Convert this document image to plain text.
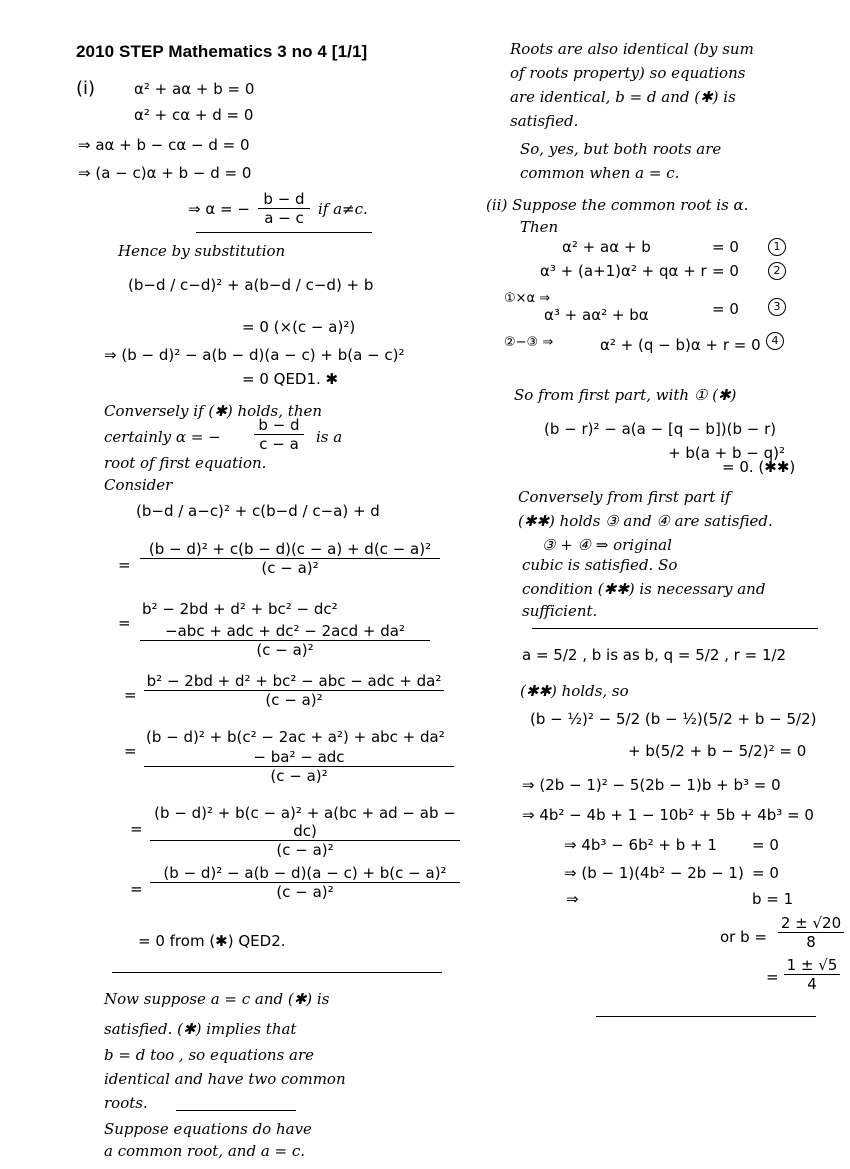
2010 STEP Mathematics 3 no 4 [1/1]
(i)	α² + aα + b = 0
α² + cα + d = 0
⇒ aα + b − cα − d = 0
⇒ (a − c)α + b − d = 0
⇒ α = − $\frac{b - d}{a - c}$ if a≠c.
Hence by substitution
(b−d / c−d)² + a(b−d / c−d) + b
= 0 (×(c − a)²)
⇒ (b − d)² − a(b − d)(a − c) + b(a − c)²
= 0 QED1. ✱
Conversely if (✱) holds, then
certainly α = − $\frac{b - d}{c - a}$ is a
root of first equation.
Consider
(b−d / a−c)² + c(b−d / c−a) + d
= $\frac{\text{(b − d)² + c(b − d)(c − a) + d(c − a)²}}{\text{(c − a)²}}$
=
b² − 2bd + d² + bc² − dc²
−abc + adc + dc² − 2acd + da²
(c − a)²
=
b² − 2bd + d² + bc² − abc − adc + da²
(c − a)²
=
(b − d)² + b(c² − 2ac + a²) + abc + da²
− ba² − adc
(c − a)²
= $\frac{\text{(b − d)² + b(c − a)² + a(bc + ad − ab − dc)}}{\text{(c − a)²}}$
= $\frac{\text{(b − d)² − a(b − d)(a − c) + b(c − a)²}}{\text{(c − a)²}}$
= 0 from (✱) QED2.
Now suppose a = c and (✱) is
satisfied. (✱) implies that
b = d too , so equations are
identical and have two common
roots.
Suppose equations do have
a common root, and a = c.
Roots are also identical (by sum
of roots property) so equations
are identical, b = d and (✱) is
satisfied.
So, yes, but both roots are
common when a = c.
(ii) Suppose the common root is α.
Then
α² + aα + b	= 0	1
α³ + (a+1)α² + qα + r = 0	2
①×α ⇒
α³ + aα² + bα	= 0	3
②−③ ⇒	α² + (q − b)α + r = 0 4
So from first part, with ① (✱)
(b − r)² − a(a − [q − b])(b − r)
+ b(a + b − q)²
= 0. (✱✱)
Conversely from first part if
(✱✱) holds ③ and ④ are satisfied.
③ + ④ ⇒ original
cubic is satisfied. So
condition (✱✱) is necessary and
sufficient.
a = 5/2 , b is as b, q = 5/2 , r = 1/2
(✱✱) holds, so
(b − ½)² − 5/2 (b − ½)(5/2 + b − 5/2)
+ b(5/2 + b − 5/2)² = 0
⇒ (2b − 1)² − 5(2b − 1)b + b³ = 0
⇒ 4b² − 4b + 1 − 10b² + 5b + 4b³ = 0
⇒ 4b³ − 6b² + b + 1 = 0
⇒ (b − 1)(4b² − 2b − 1) = 0
⇒	b = 1
or $b = \frac{2 \pm √20}{8}$
= $\frac{1 \pm √5}{4}$
